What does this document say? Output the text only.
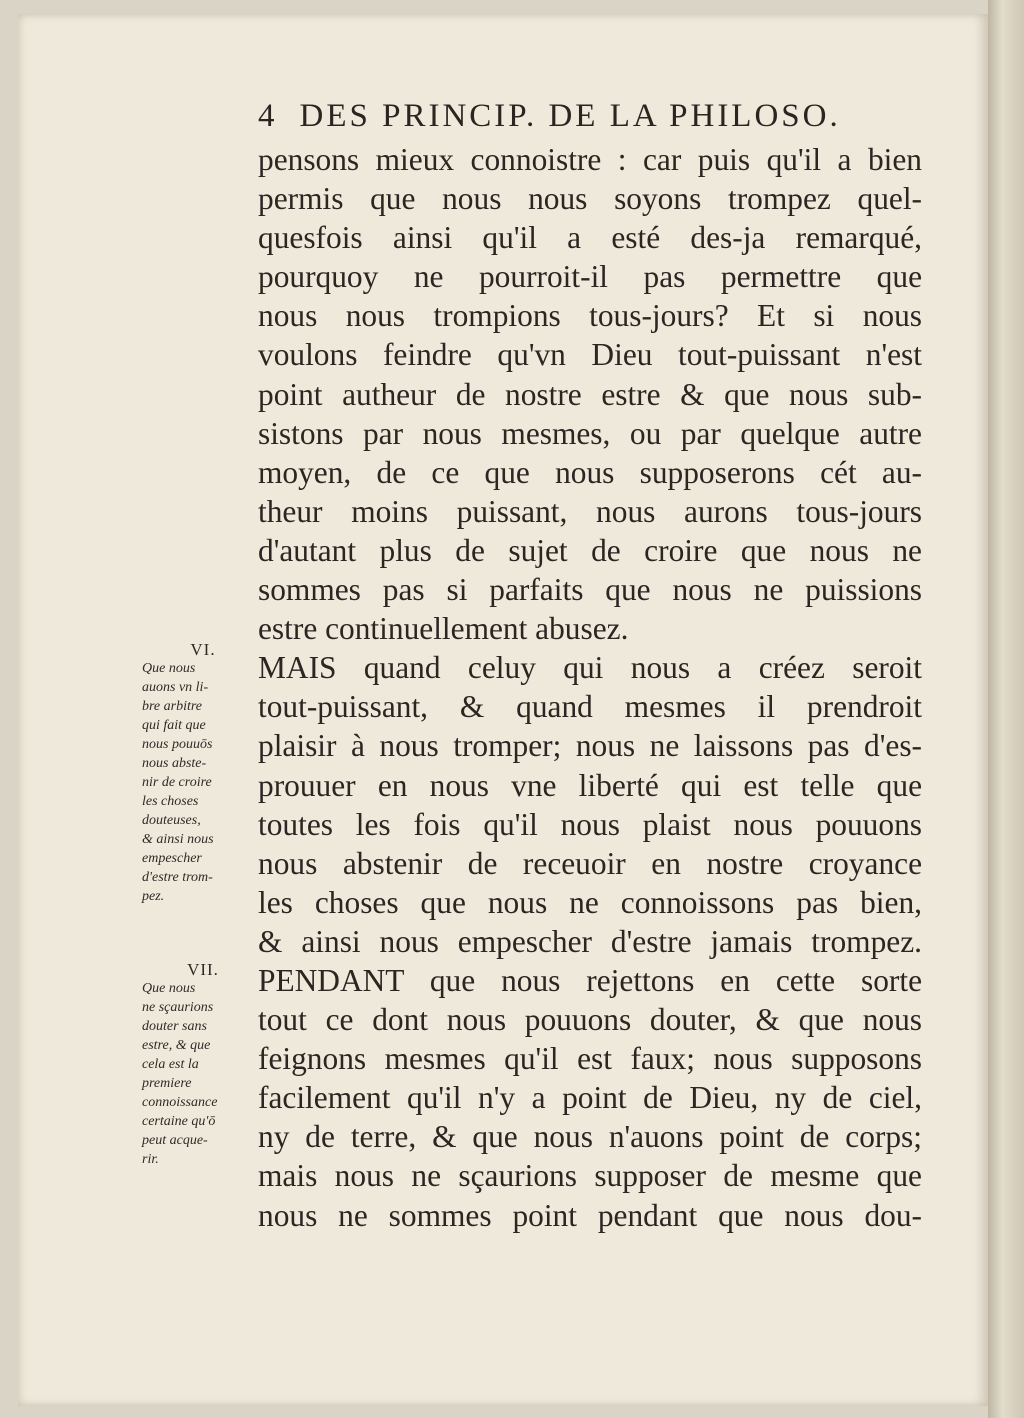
4 DES PRINCIP. DE LA PHILOSO.
pensons mieux connoistre : car puis qu'il a bien
permis que nous nous soyons trompez quel-
quesfois ainsi qu'il a esté des-ja remarqué,
pourquoy ne pourroit-il pas permettre que
nous nous trompions tous-jours? Et si nous
voulons feindre qu'vn Dieu tout-puissant n'est
point autheur de nostre estre & que nous sub-
sistons par nous mesmes, ou par quelque autre
moyen, de ce que nous supposerons cét au-
theur moins puissant, nous aurons tous-jours
d'autant plus de sujet de croire que nous ne
sommes pas si parfaits que nous ne puissions
estre continuellement abusez.
MAIS quand celuy qui nous a créez seroit
tout-puissant, & quand mesmes il prendroit
plaisir à nous tromper; nous ne laissons pas d'es-
prouuer en nous vne liberté qui est telle que
toutes les fois qu'il nous plaist nous pouuons
nous abstenir de receuoir en nostre croyance
les choses que nous ne connoissons pas bien,
& ainsi nous empescher d'estre jamais trompez.
PENDANT que nous rejettons en cette sorte
tout ce dont nous pouuons douter, & que nous
feignons mesmes qu'il est faux; nous supposons
facilement qu'il n'y a point de Dieu, ny de ciel,
ny de terre, & que nous n'auons point de corps;
mais nous ne sçaurions supposer de mesme que
nous ne sommes point pendant que nous dou-
VI.
Que nous
auons vn li-
bre arbitre
qui fait que
nous pouuōs
nous abste-
nir de croire
les choses
douteuses,
& ainsi nous
empescher
d'estre trom-
pez.
VII.
Que nous
ne sçaurions
douter sans
estre, & que
cela est la
premiere
connoissance
certaine qu'ō
peut acque-
rir.
